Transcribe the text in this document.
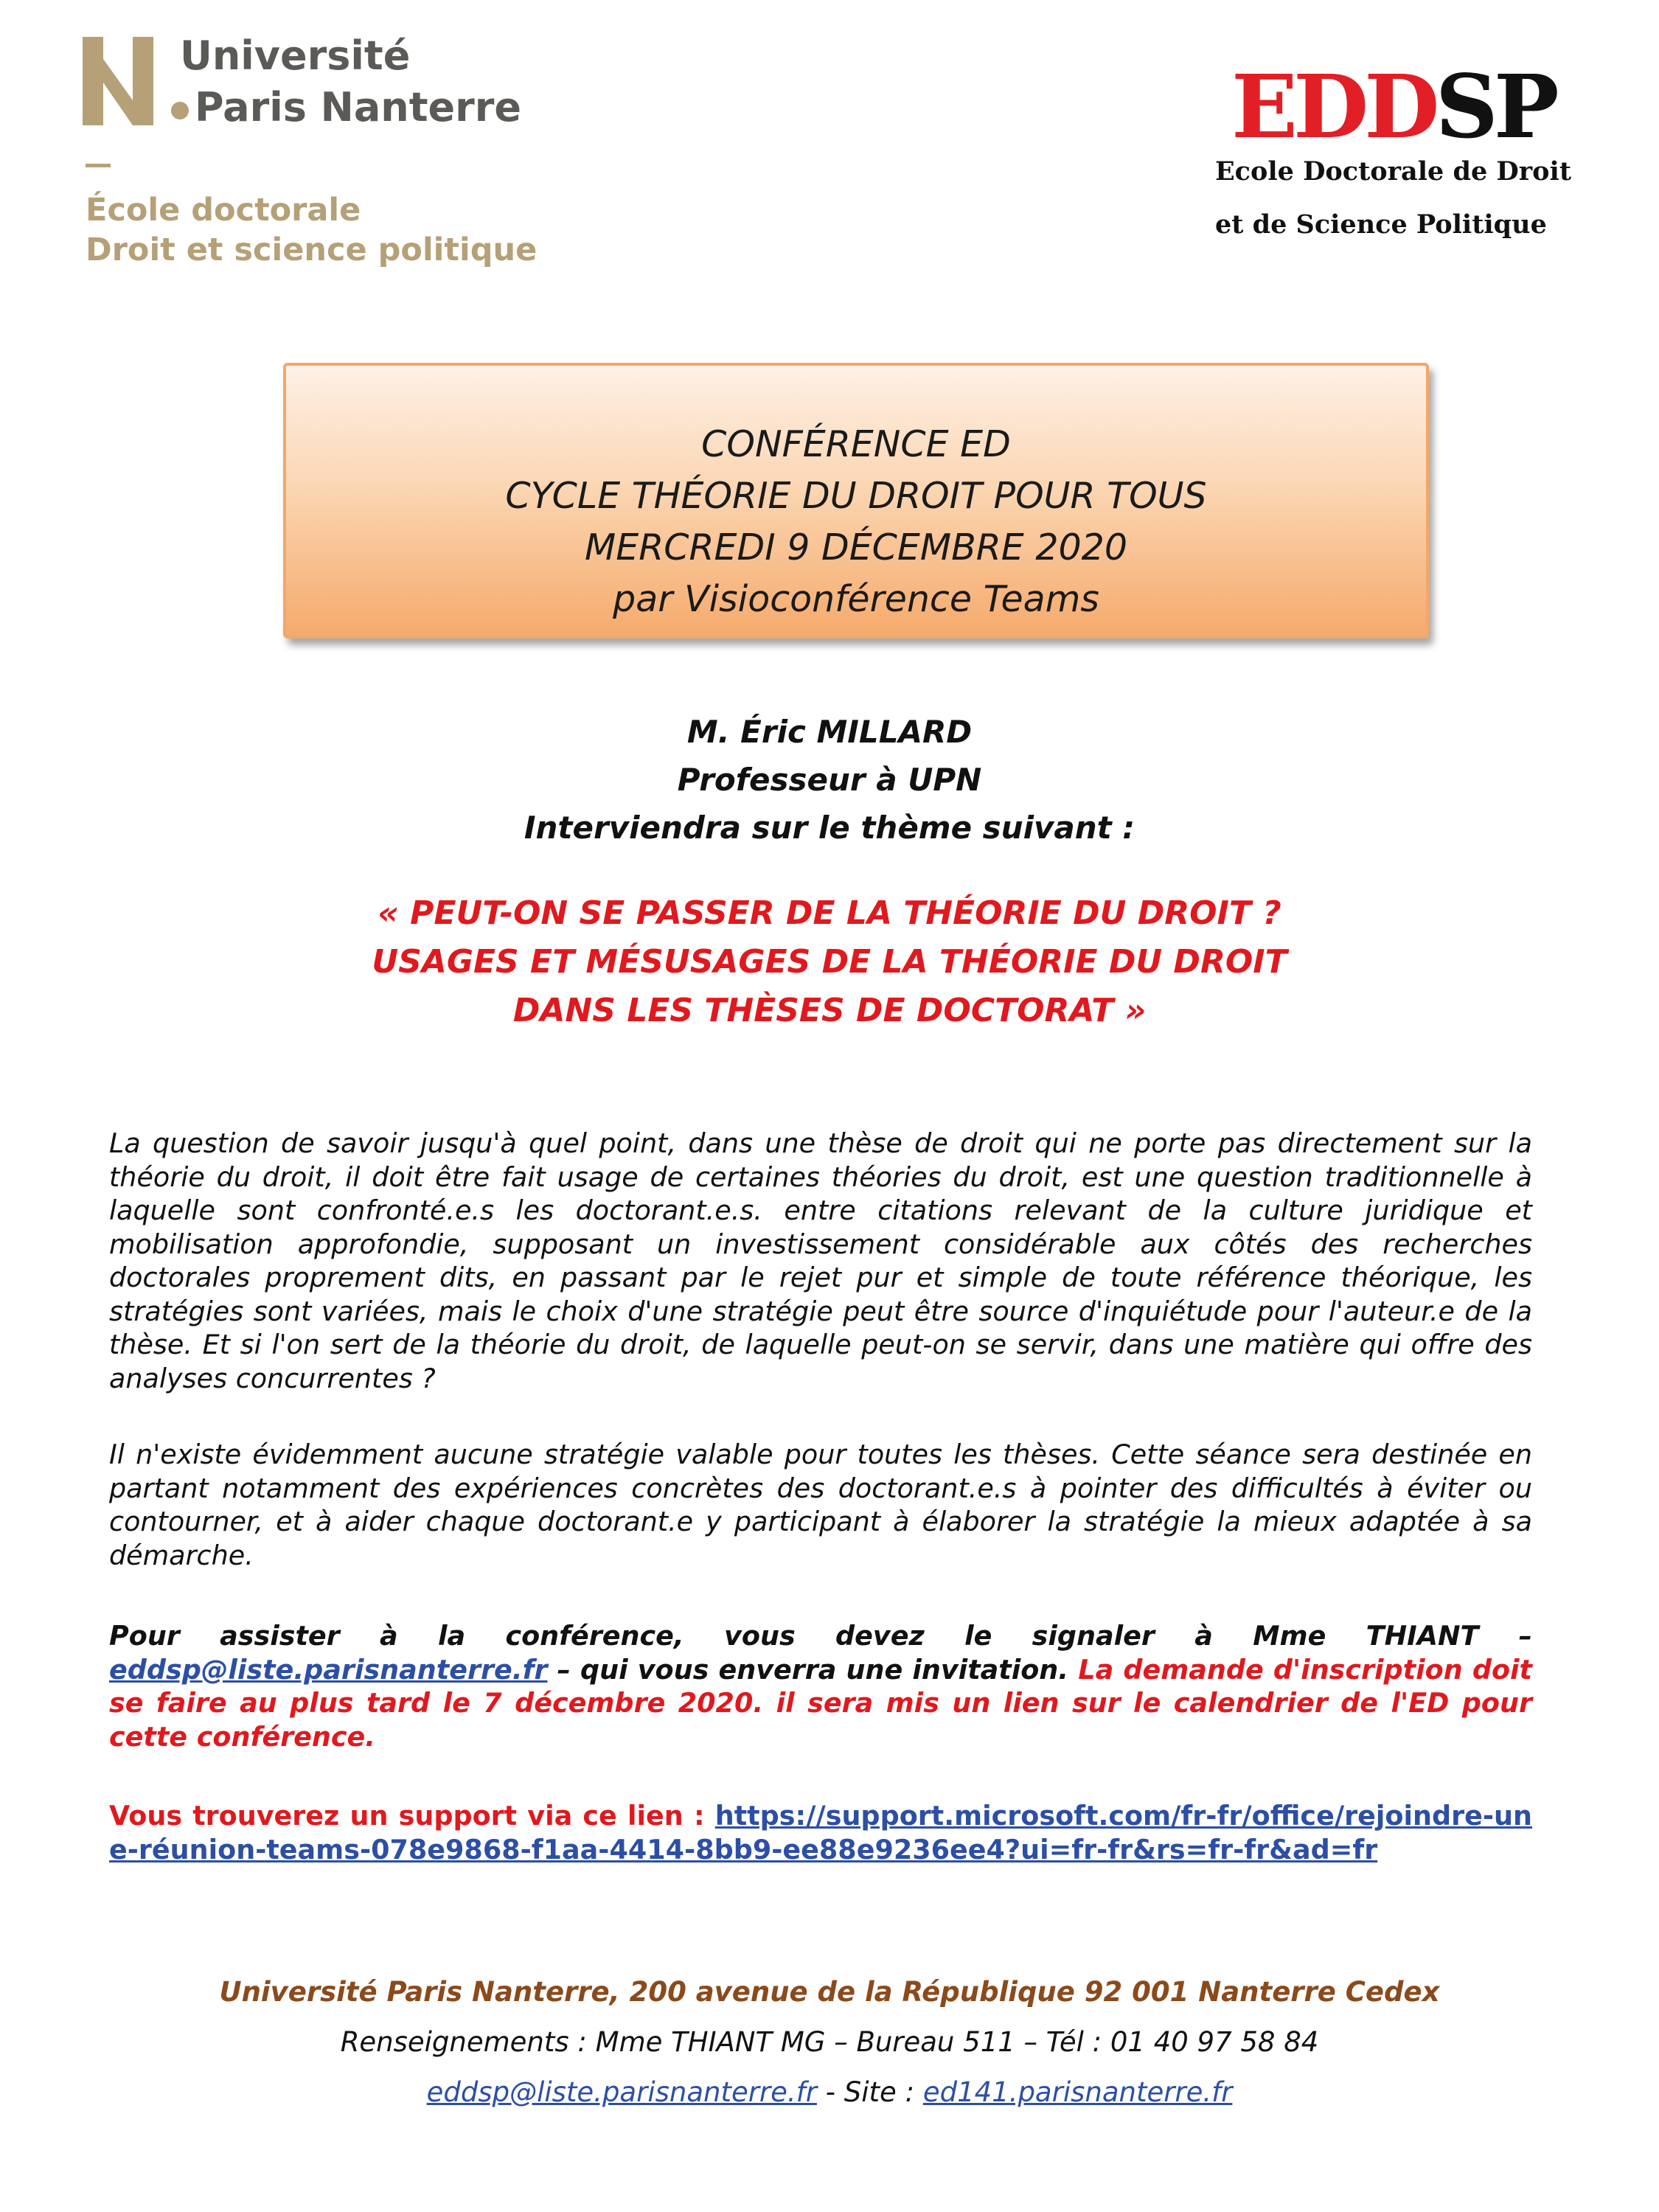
Université
Paris Nanterre
École doctorale
Droit et science politique
EDDSP
Ecole Doctorale de Droit
et de Science Politique
CONFÉRENCE ED
CYCLE THÉORIE DU DROIT POUR TOUS
MERCREDI 9 DÉCEMBRE 2020
par Visioconférence Teams
M. Éric MILLARD
Professeur à UPN
Interviendra sur le thème suivant :
« PEUT-ON SE PASSER DE LA THÉORIE DU DROIT ?
USAGES ET MÉSUSAGES DE LA THÉORIE DU DROIT
DANS LES THÈSES DE DOCTORAT »
La question de savoir jusqu'à quel point, dans une thèse de droit qui ne porte pas directement sur la théorie du droit, il doit être fait usage de certaines théories du droit, est une question traditionnelle à laquelle sont confronté.e.s les doctorant.e.s. entre citations relevant de la culture juridique et mobilisation approfondie, supposant un investissement considérable aux côtés des recherches doctorales proprement dits, en passant par le rejet pur et simple de toute référence théorique, les stratégies sont variées, mais le choix d'une stratégie peut être source d'inquiétude pour l'auteur.e de la thèse. Et si l'on sert de la théorie du droit, de laquelle peut-on se servir, dans une matière qui offre des analyses concurrentes ?
Il n'existe évidemment aucune stratégie valable pour toutes les thèses. Cette séance sera destinée en partant notamment des expériences concrètes des doctorant.e.s à pointer des difficultés à éviter ou contourner, et à aider chaque doctorant.e y participant à élaborer la stratégie la mieux adaptée à sa démarche.
Pour assister à la conférence, vous devez le signaler à Mme THIANT – eddsp@liste.parisnanterre.fr – qui vous enverra une invitation. La demande d'inscription doit se faire au plus tard le 7 décembre 2020. il sera mis un lien sur le calendrier de l'ED pour cette conférence.
Vous trouverez un support via ce lien : https://support.microsoft.com/fr-fr/office/rejoindre-une-réunion-teams-078e9868-f1aa-4414-8bb9-ee88e9236ee4?ui=fr-fr&rs=fr-fr&ad=fr
Université Paris Nanterre, 200 avenue de la République 92 001 Nanterre Cedex
Renseignements : Mme THIANT MG – Bureau 511 – Tél : 01 40 97 58 84
eddsp@liste.parisnanterre.fr - Site : ed141.parisnanterre.fr
